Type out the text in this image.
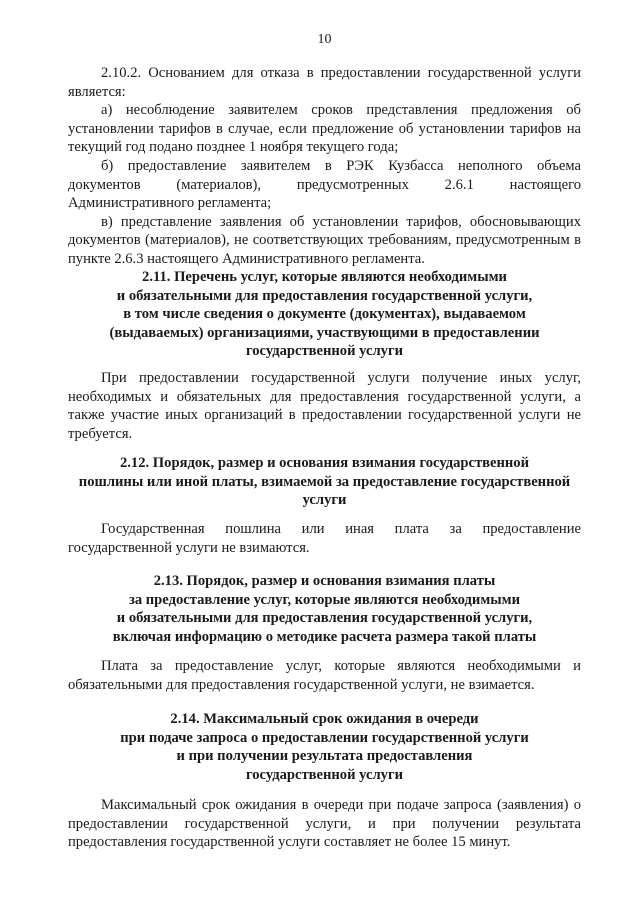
10

2.10.2. Основанием для отказа в предоставлении государственной услуги является:

а) несоблюдение заявителем сроков представления предложения об установлении тарифов в случае, если предложение об установлении тарифов на текущий год подано позднее 1 ноября текущего года;

б) предоставление заявителем в РЭК Кузбасса неполного объема документов (материалов), предусмотренных 2.6.1 настоящего Административного регламента;

в) представление заявления об установлении тарифов, обосновывающих документов (материалов), не соответствующих требованиям, предусмотренным в пункте 2.6.3 настоящего Административного регламента.

2.11. Перечень услуг, которые являются необходимыми
и обязательными для предоставления государственной услуги,
в том числе сведения о документе (документах), выдаваемом
(выдаваемых) организациями, участвующими в предоставлении
государственной услуги

При предоставлении государственной услуги получение иных услуг, необходимых и обязательных для предоставления государственной услуги, а также участие иных организаций в предоставлении государственной услуги не требуется.

2.12. Порядок, размер и основания взимания государственной
пошлины или иной платы, взимаемой за предоставление государственной
услуги

Государственная пошлина или иная плата за предоставление государственной услуги не взимаются.

2.13. Порядок, размер и основания взимания платы
за предоставление услуг, которые являются необходимыми
и обязательными для предоставления государственной услуги,
включая информацию о методике расчета размера такой платы

Плата за предоставление услуг, которые являются необходимыми и обязательными для предоставления государственной услуги, не взимается.

2.14. Максимальный срок ожидания в очереди
при подаче запроса о предоставлении государственной услуги
и при получении результата предоставления
государственной услуги

Максимальный срок ожидания в очереди при подаче запроса (заявления) о предоставлении государственной услуги, и при получении результата предоставления государственной услуги составляет не более 15 минут.
